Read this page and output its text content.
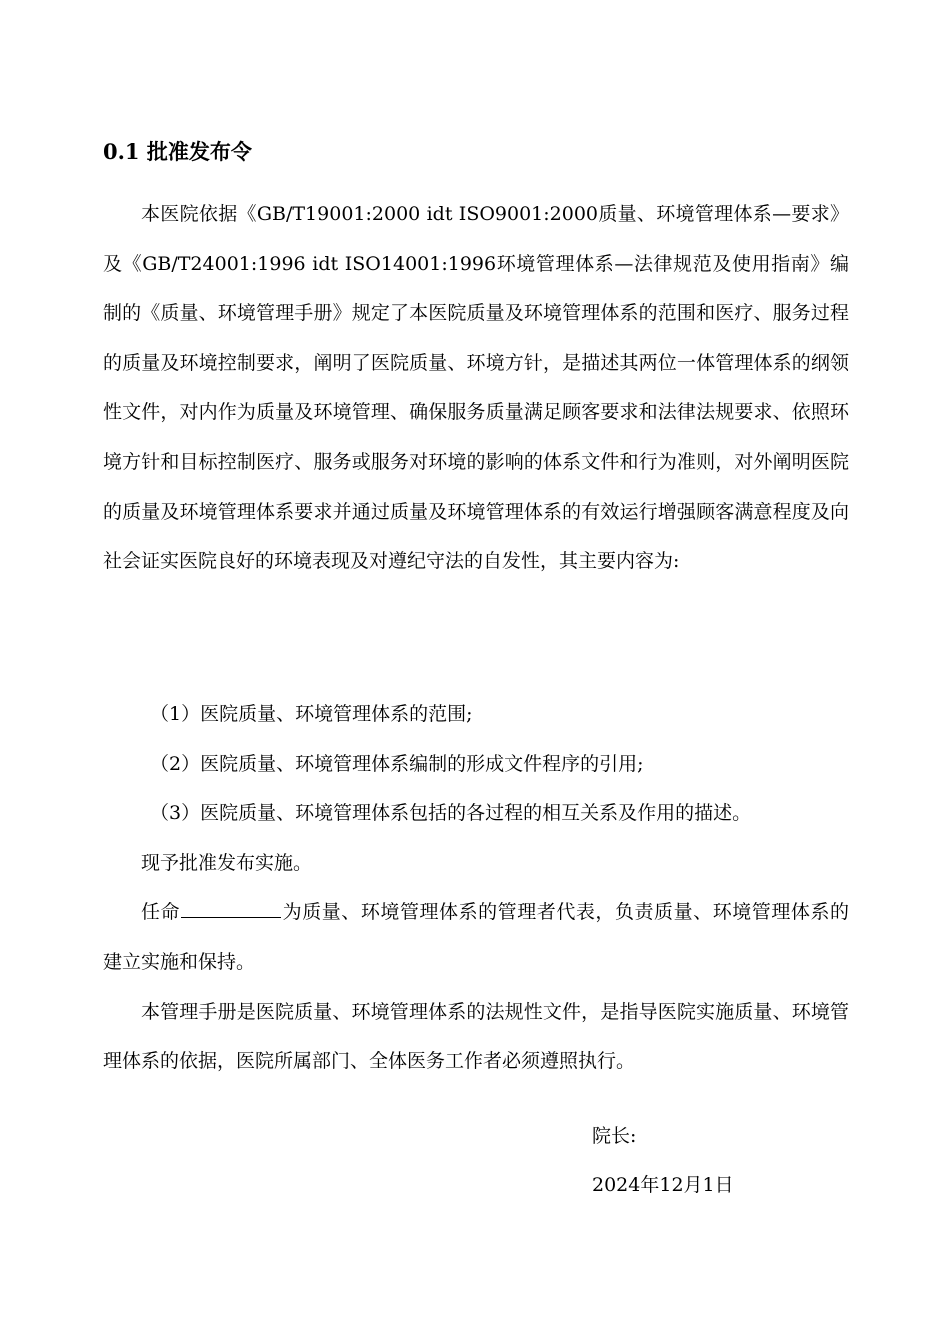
0.1 批准发布令

本医院依据《GB/T19001:2000 idt ISO9001:2000质量、环境管理体系—要求》及《GB/T24001:1996 idt ISO14001:1996环境管理体系—法律规范及使用指南》编制的《质量、环境管理手册》规定了本医院质量及环境管理体系的范围和医疗、服务过程的质量及环境控制要求，阐明了医院质量、环境方针，是描述其两位一体管理体系的纲领性文件，对内作为质量及环境管理、确保服务质量满足顾客要求和法律法规要求、依照环境方针和目标控制医疗、服务或服务对环境的影响的体系文件和行为准则，对外阐明医院的质量及环境管理体系要求并通过质量及环境管理体系的有效运行增强顾客满意程度及向社会证实医院良好的环境表现及对遵纪守法的自发性，其主要内容为:

（1）医院质量、环境管理体系的范围;

（2）医院质量、环境管理体系编制的形成文件程序的引用;

（3）医院质量、环境管理体系包括的各过程的相互关系及作用的描述。

现予批准发布实施。

任命	为质量、环境管理体系的管理者代表，负责质量、环境管理体系的建立实施和保持。

本管理手册是医院质量、环境管理体系的法规性文件，是指导医院实施质量、环境管理体系的依据，医院所属部门、全体医务工作者必须遵照执行。

院长:
2024年12月1日
